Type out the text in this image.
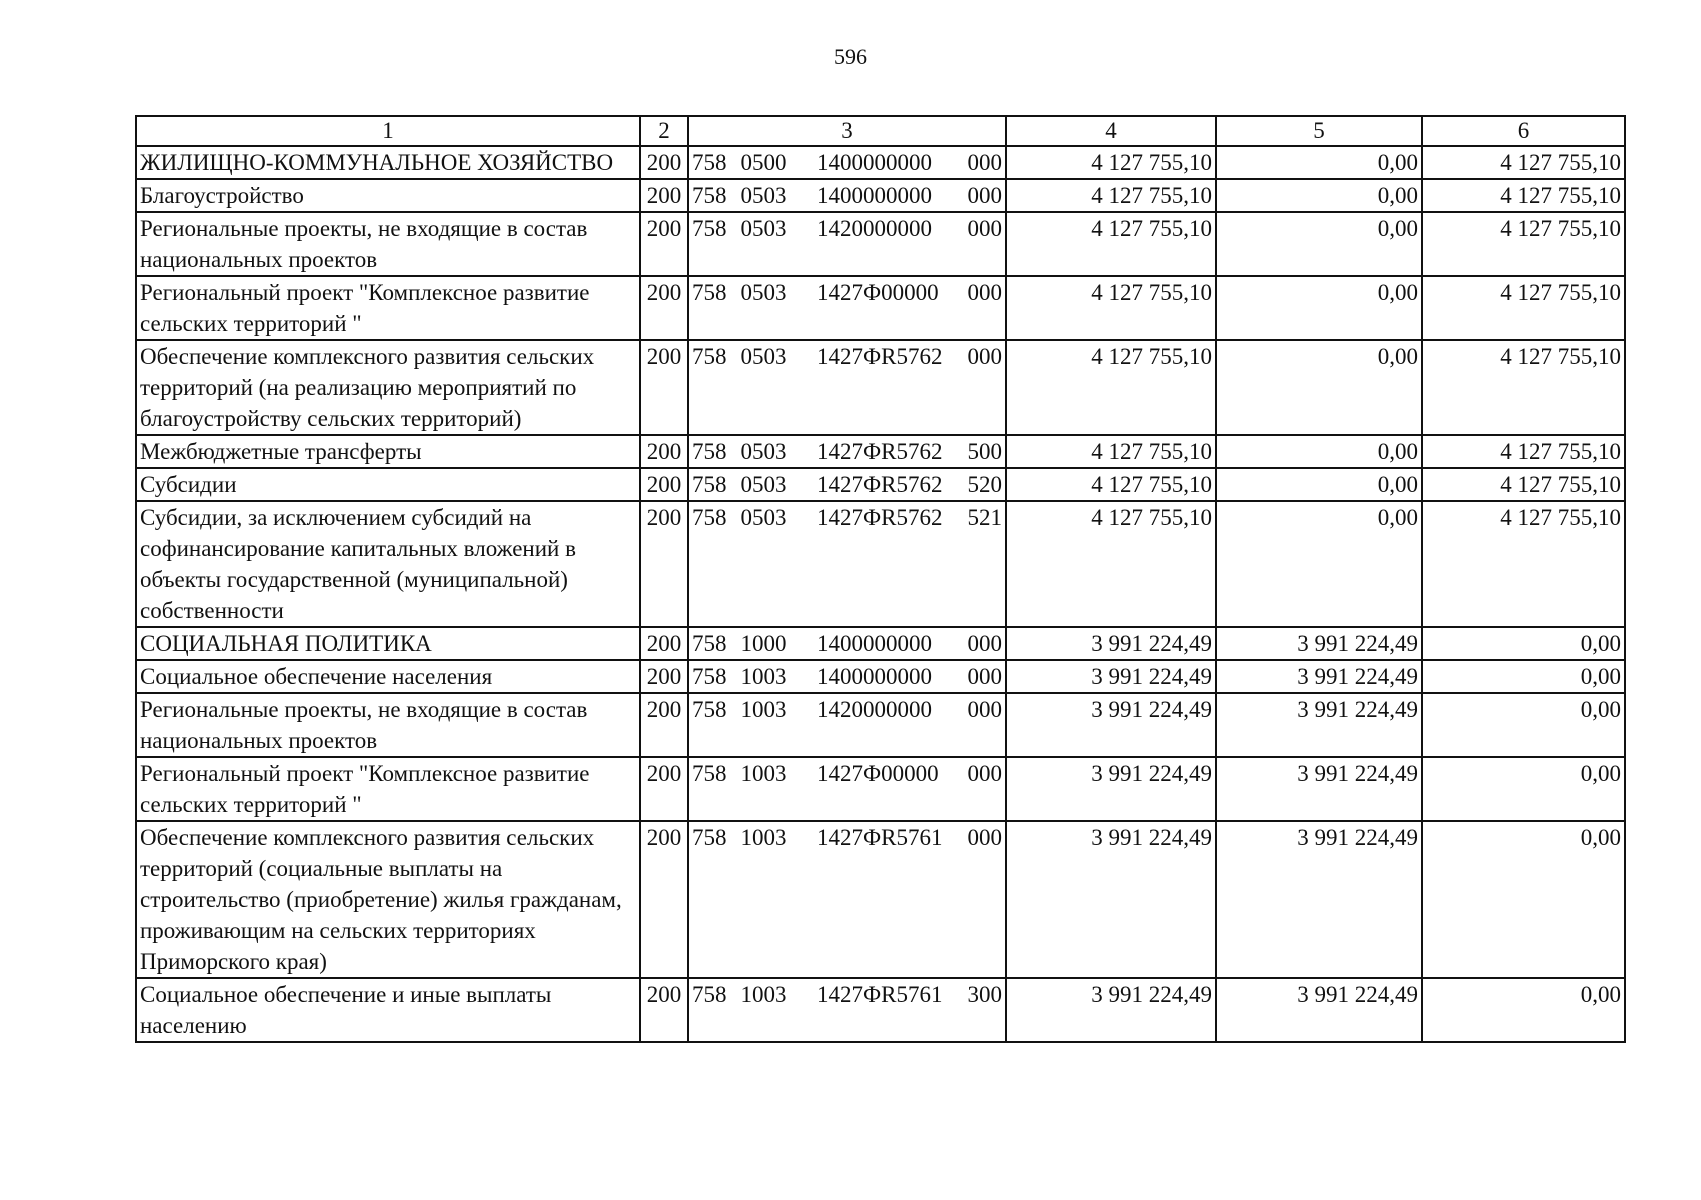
596
1	2	3	4	5	6
ЖИЛИЩНО-КОММУНАЛЬНОЕ ХОЗЯЙСТВО	200	758 0500 1400000000 000	4 127 755,10	0,00	4 127 755,10
Благоустройство	200	758 0503 1400000000 000	4 127 755,10	0,00	4 127 755,10
Региональные проекты, не входящие в состав национальных проектов	200	758 0503 1420000000 000	4 127 755,10	0,00	4 127 755,10
Региональный проект "Комплексное развитие сельских территорий "	200	758 0503 1427Ф00000 000	4 127 755,10	0,00	4 127 755,10
Обеспечение комплексного развития сельских территорий (на реализацию мероприятий по благоустройству сельских территорий)	200	758 0503 1427ФR5762 000	4 127 755,10	0,00	4 127 755,10
Межбюджетные трансферты	200	758 0503 1427ФR5762 500	4 127 755,10	0,00	4 127 755,10
Субсидии	200	758 0503 1427ФR5762 520	4 127 755,10	0,00	4 127 755,10
Субсидии, за исключением субсидий на софинансирование капитальных вложений в объекты государственной (муниципальной) собственности	200	758 0503 1427ФR5762 521	4 127 755,10	0,00	4 127 755,10
СОЦИАЛЬНАЯ ПОЛИТИКА	200	758 1000 1400000000 000	3 991 224,49	3 991 224,49	0,00
Социальное обеспечение населения	200	758 1003 1400000000 000	3 991 224,49	3 991 224,49	0,00
Региональные проекты, не входящие в состав национальных проектов	200	758 1003 1420000000 000	3 991 224,49	3 991 224,49	0,00
Региональный проект "Комплексное развитие сельских территорий "	200	758 1003 1427Ф00000 000	3 991 224,49	3 991 224,49	0,00
Обеспечение комплексного развития сельских территорий (социальные выплаты на строительство (приобретение) жилья гражданам, проживающим на сельских территориях Приморского края)	200	758 1003 1427ФR5761 000	3 991 224,49	3 991 224,49	0,00
Социальное обеспечение и иные выплаты населению	200	758 1003 1427ФR5761 300	3 991 224,49	3 991 224,49	0,00
